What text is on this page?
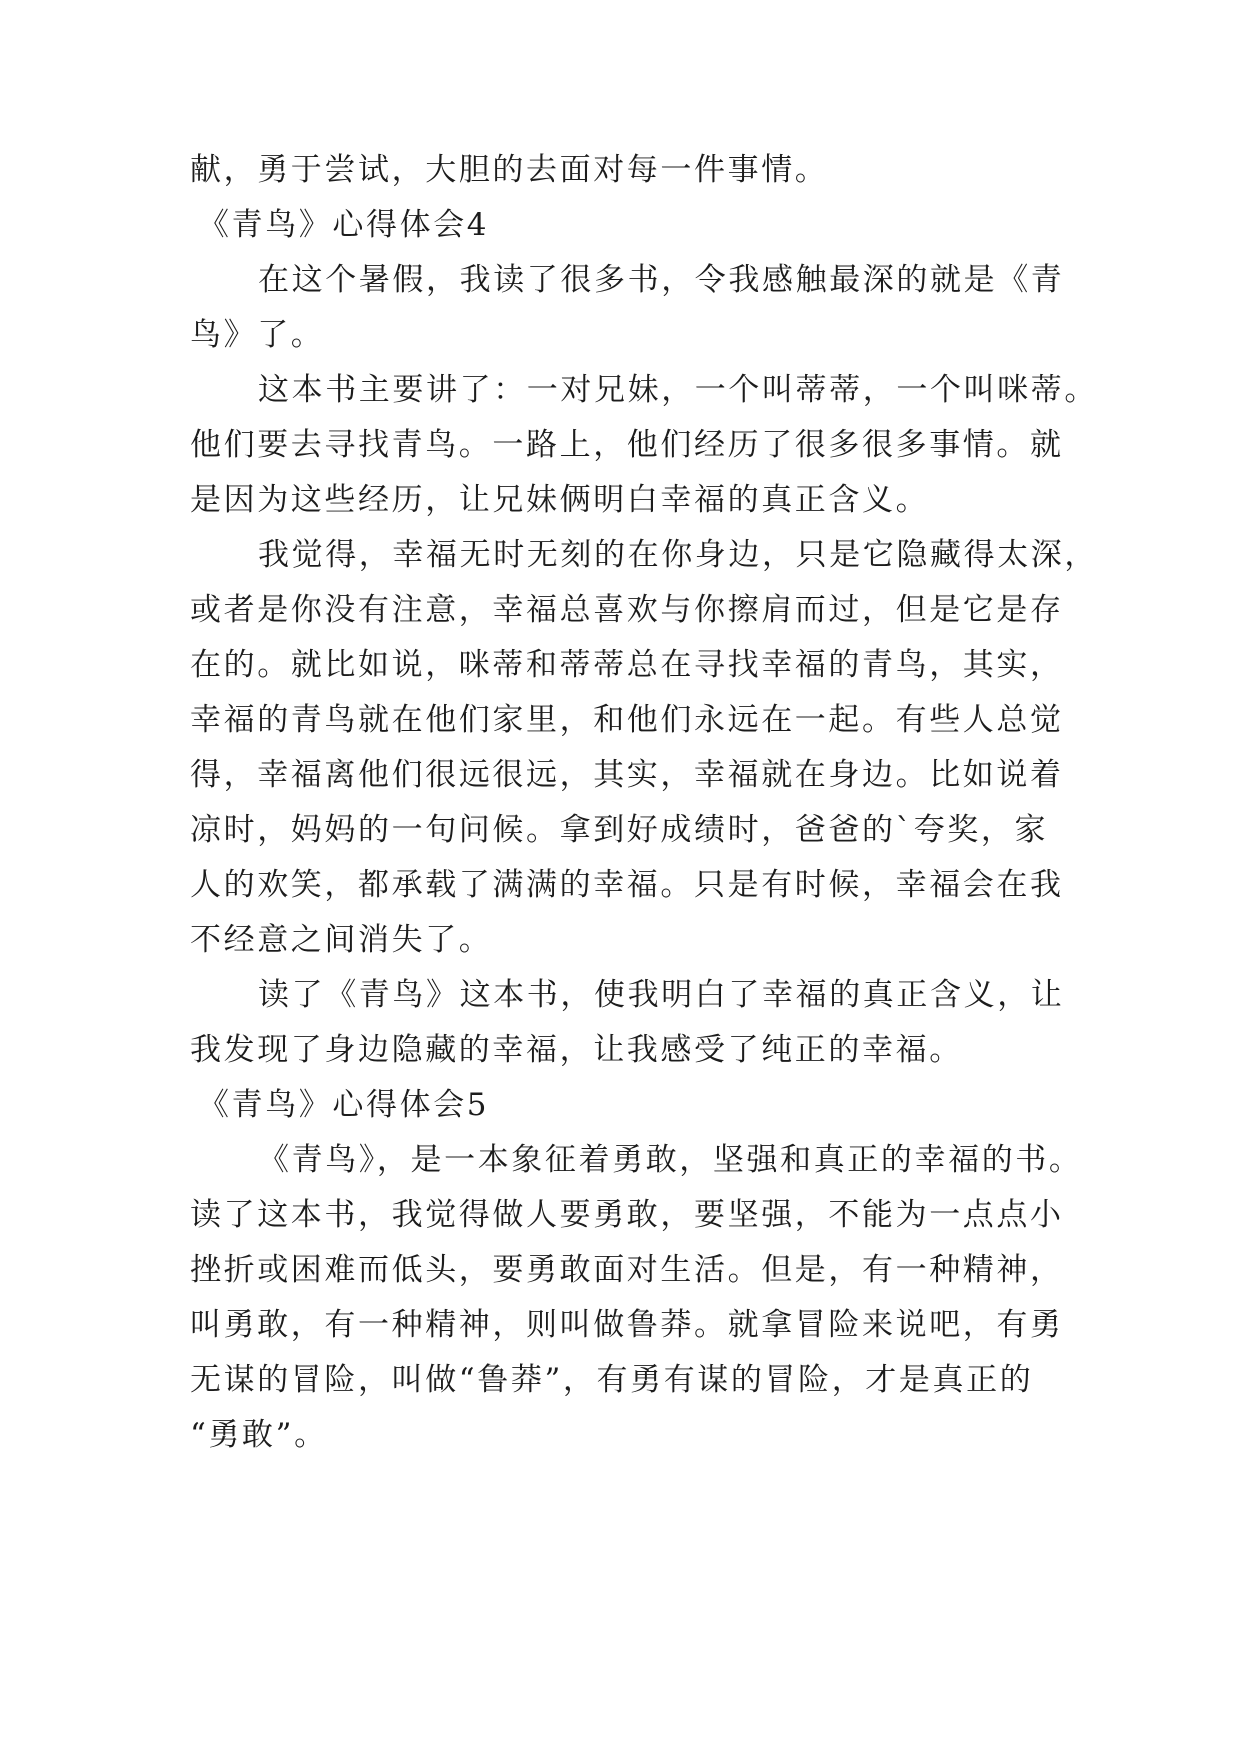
献，勇于尝试，大胆的去面对每一件事情。

《青鸟》心得体会4

在这个暑假，我读了很多书，令我感触最深的就是《青

鸟》了。

这本书主要讲了：一对兄妹，一个叫蒂蒂，一个叫咪蒂。

他们要去寻找青鸟。一路上，他们经历了很多很多事情。就

是因为这些经历，让兄妹俩明白幸福的真正含义。

我觉得，幸福无时无刻的在你身边，只是它隐藏得太深，

或者是你没有注意，幸福总喜欢与你擦肩而过，但是它是存

在的。就比如说，咪蒂和蒂蒂总在寻找幸福的青鸟，其实，

幸福的青鸟就在他们家里，和他们永远在一起。有些人总觉

得，幸福离他们很远很远，其实，幸福就在身边。比如说着

凉时，妈妈的一句问候。拿到好成绩时，爸爸的`夸奖，家

人的欢笑，都承载了满满的幸福。只是有时候，幸福会在我

不经意之间消失了。

读了《青鸟》这本书，使我明白了幸福的真正含义，让

我发现了身边隐藏的幸福，让我感受了纯正的幸福。

《青鸟》心得体会5

《青鸟》，是一本象征着勇敢，坚强和真正的幸福的书。

读了这本书，我觉得做人要勇敢，要坚强，不能为一点点小

挫折或困难而低头，要勇敢面对生活。但是，有一种精神，

叫勇敢，有一种精神，则叫做鲁莽。就拿冒险来说吧，有勇

无谋的冒险，叫做“鲁莽”，有勇有谋的冒险，才是真正的

“勇敢”。
